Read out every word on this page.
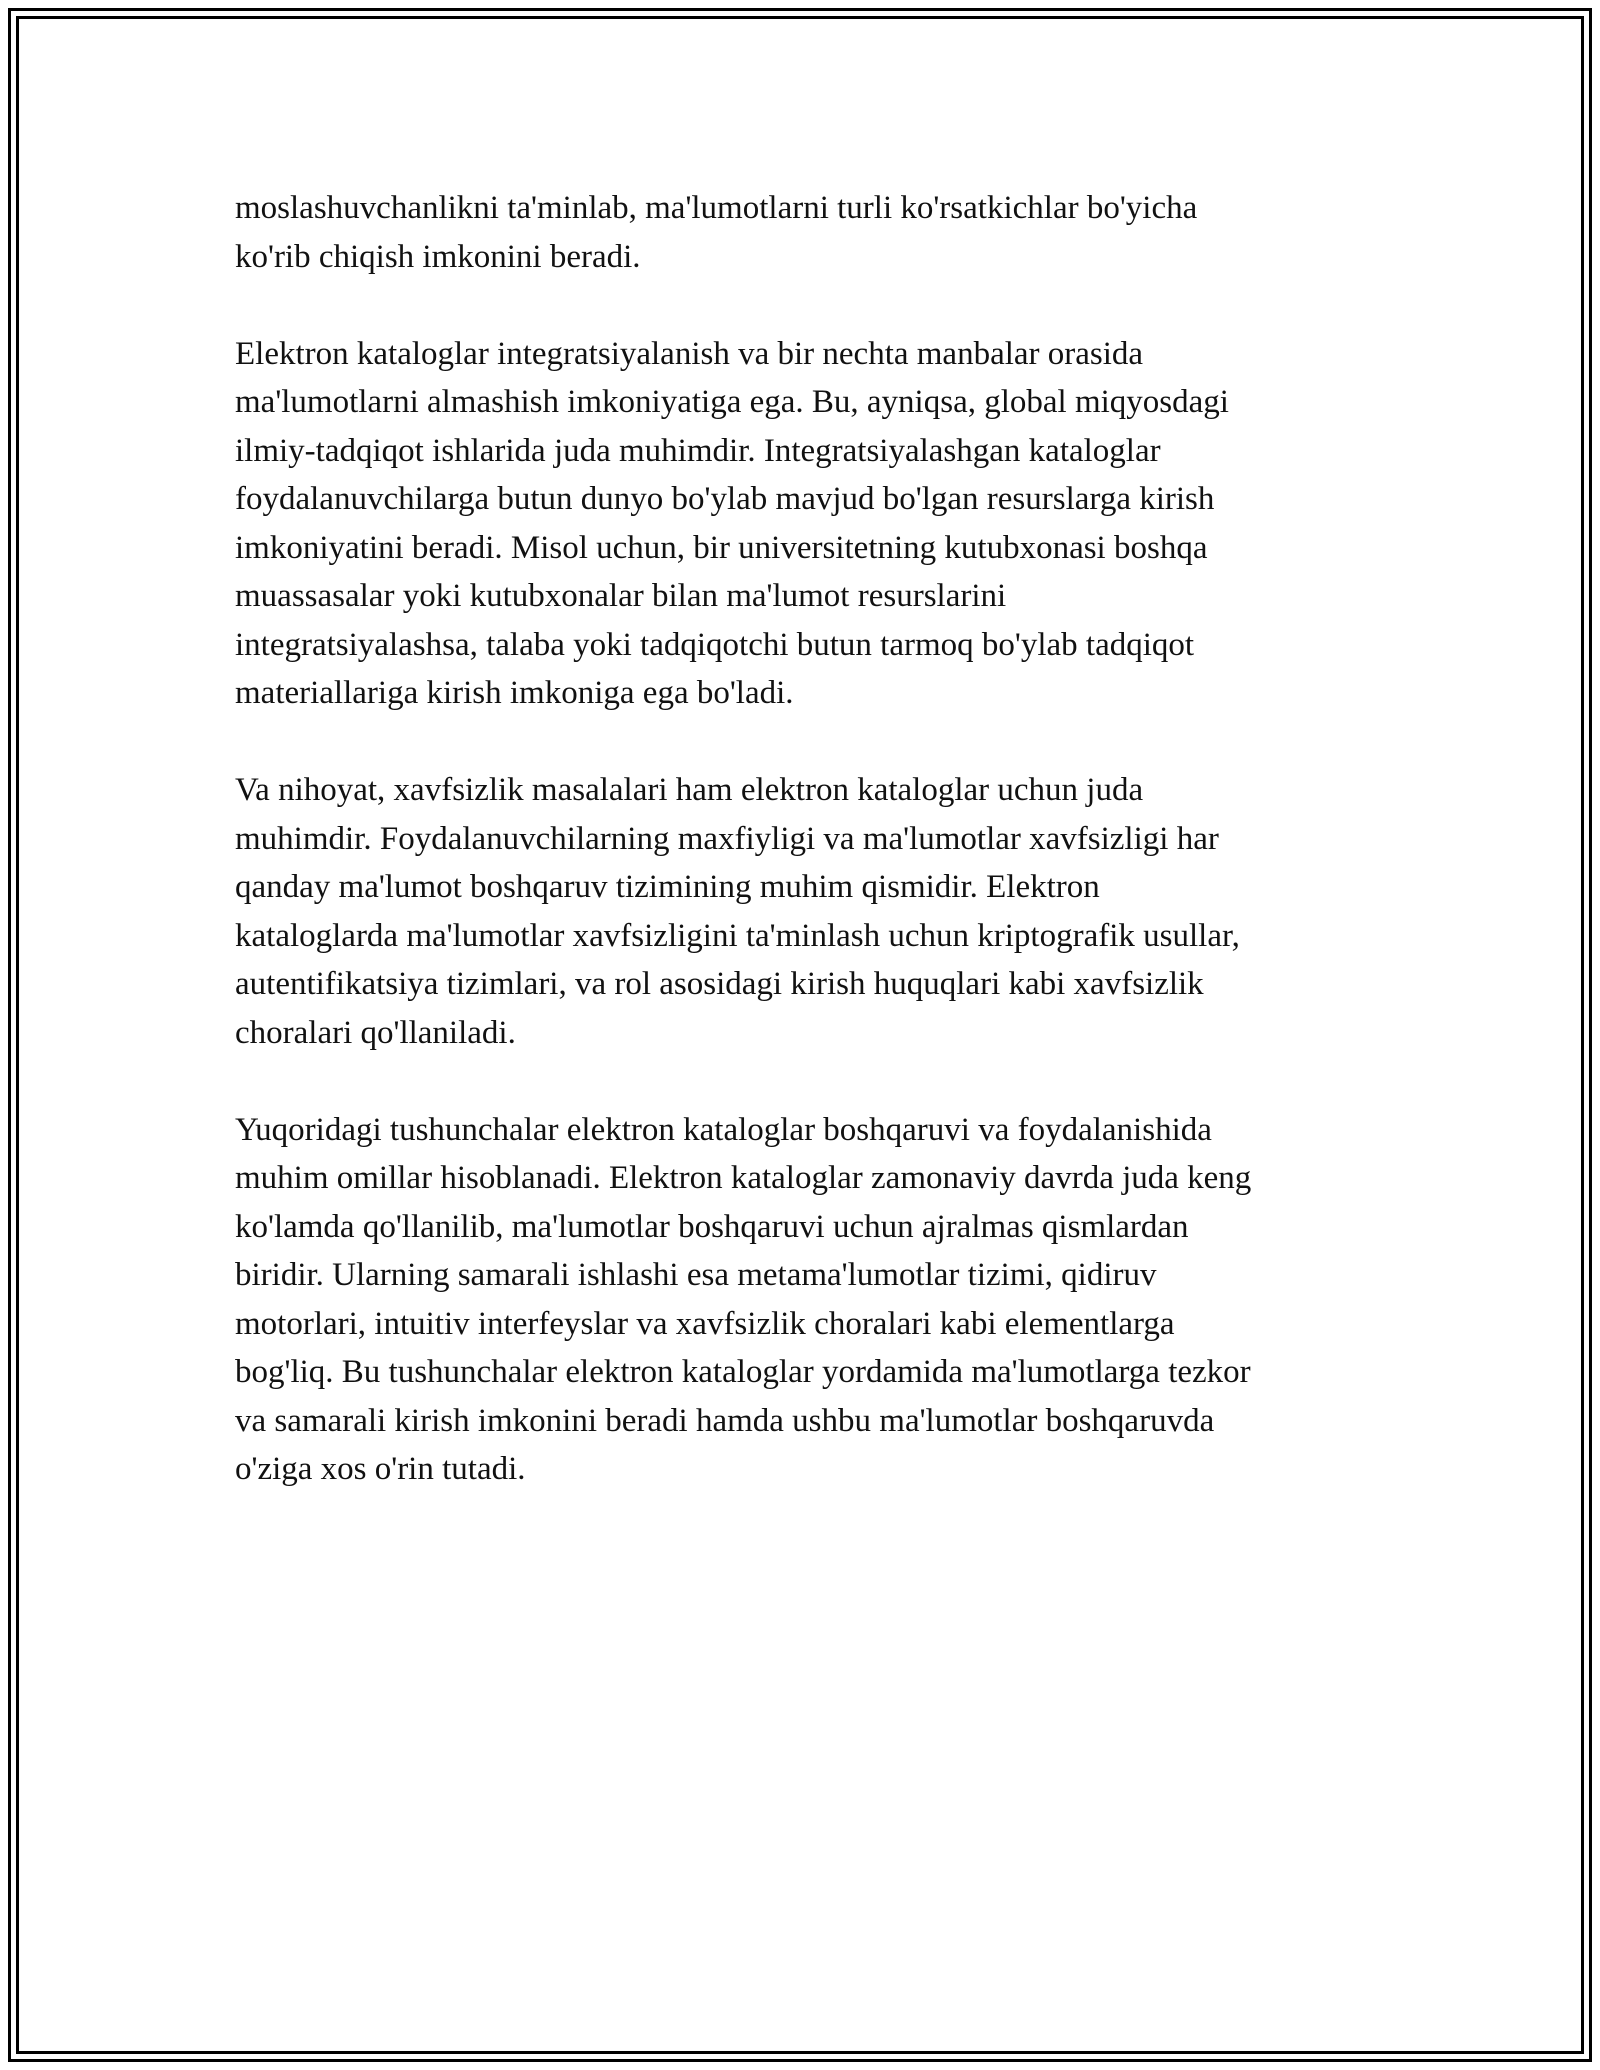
moslashuvchanlikni ta'minlab, ma'lumotlarni turli ko'rsatkichlar bo'yicha
ko'rib chiqish imkonini beradi.

Elektron kataloglar integratsiyalanish va bir nechta manbalar orasida
ma'lumotlarni almashish imkoniyatiga ega. Bu, ayniqsa, global miqyosdagi
ilmiy-tadqiqot ishlarida juda muhimdir. Integratsiyalashgan kataloglar
foydalanuvchilarga butun dunyo bo'ylab mavjud bo'lgan resurslarga kirish
imkoniyatini beradi. Misol uchun, bir universitetning kutubxonasi boshqa
muassasalar yoki kutubxonalar bilan ma'lumot resurslarini
integratsiyalashsa, talaba yoki tadqiqotchi butun tarmoq bo'ylab tadqiqot
materiallariga kirish imkoniga ega bo'ladi.

Va nihoyat, xavfsizlik masalalari ham elektron kataloglar uchun juda
muhimdir. Foydalanuvchilarning maxfiyligi va ma'lumotlar xavfsizligi har
qanday ma'lumot boshqaruv tizimining muhim qismidir. Elektron
kataloglarda ma'lumotlar xavfsizligini ta'minlash uchun kriptografik usullar,
autentifikatsiya tizimlari, va rol asosidagi kirish huquqlari kabi xavfsizlik
choralari qo'llaniladi.

Yuqoridagi tushunchalar elektron kataloglar boshqaruvi va foydalanishida
muhim omillar hisoblanadi. Elektron kataloglar zamonaviy davrda juda keng
ko'lamda qo'llanilib, ma'lumotlar boshqaruvi uchun ajralmas qismlardan
biridir. Ularning samarali ishlashi esa metama'lumotlar tizimi, qidiruv
motorlari, intuitiv interfeyslar va xavfsizlik choralari kabi elementlarga
bog'liq. Bu tushunchalar elektron kataloglar yordamida ma'lumotlarga tezkor
va samarali kirish imkonini beradi hamda ushbu ma'lumotlar boshqaruvda
o'ziga xos o'rin tutadi.
